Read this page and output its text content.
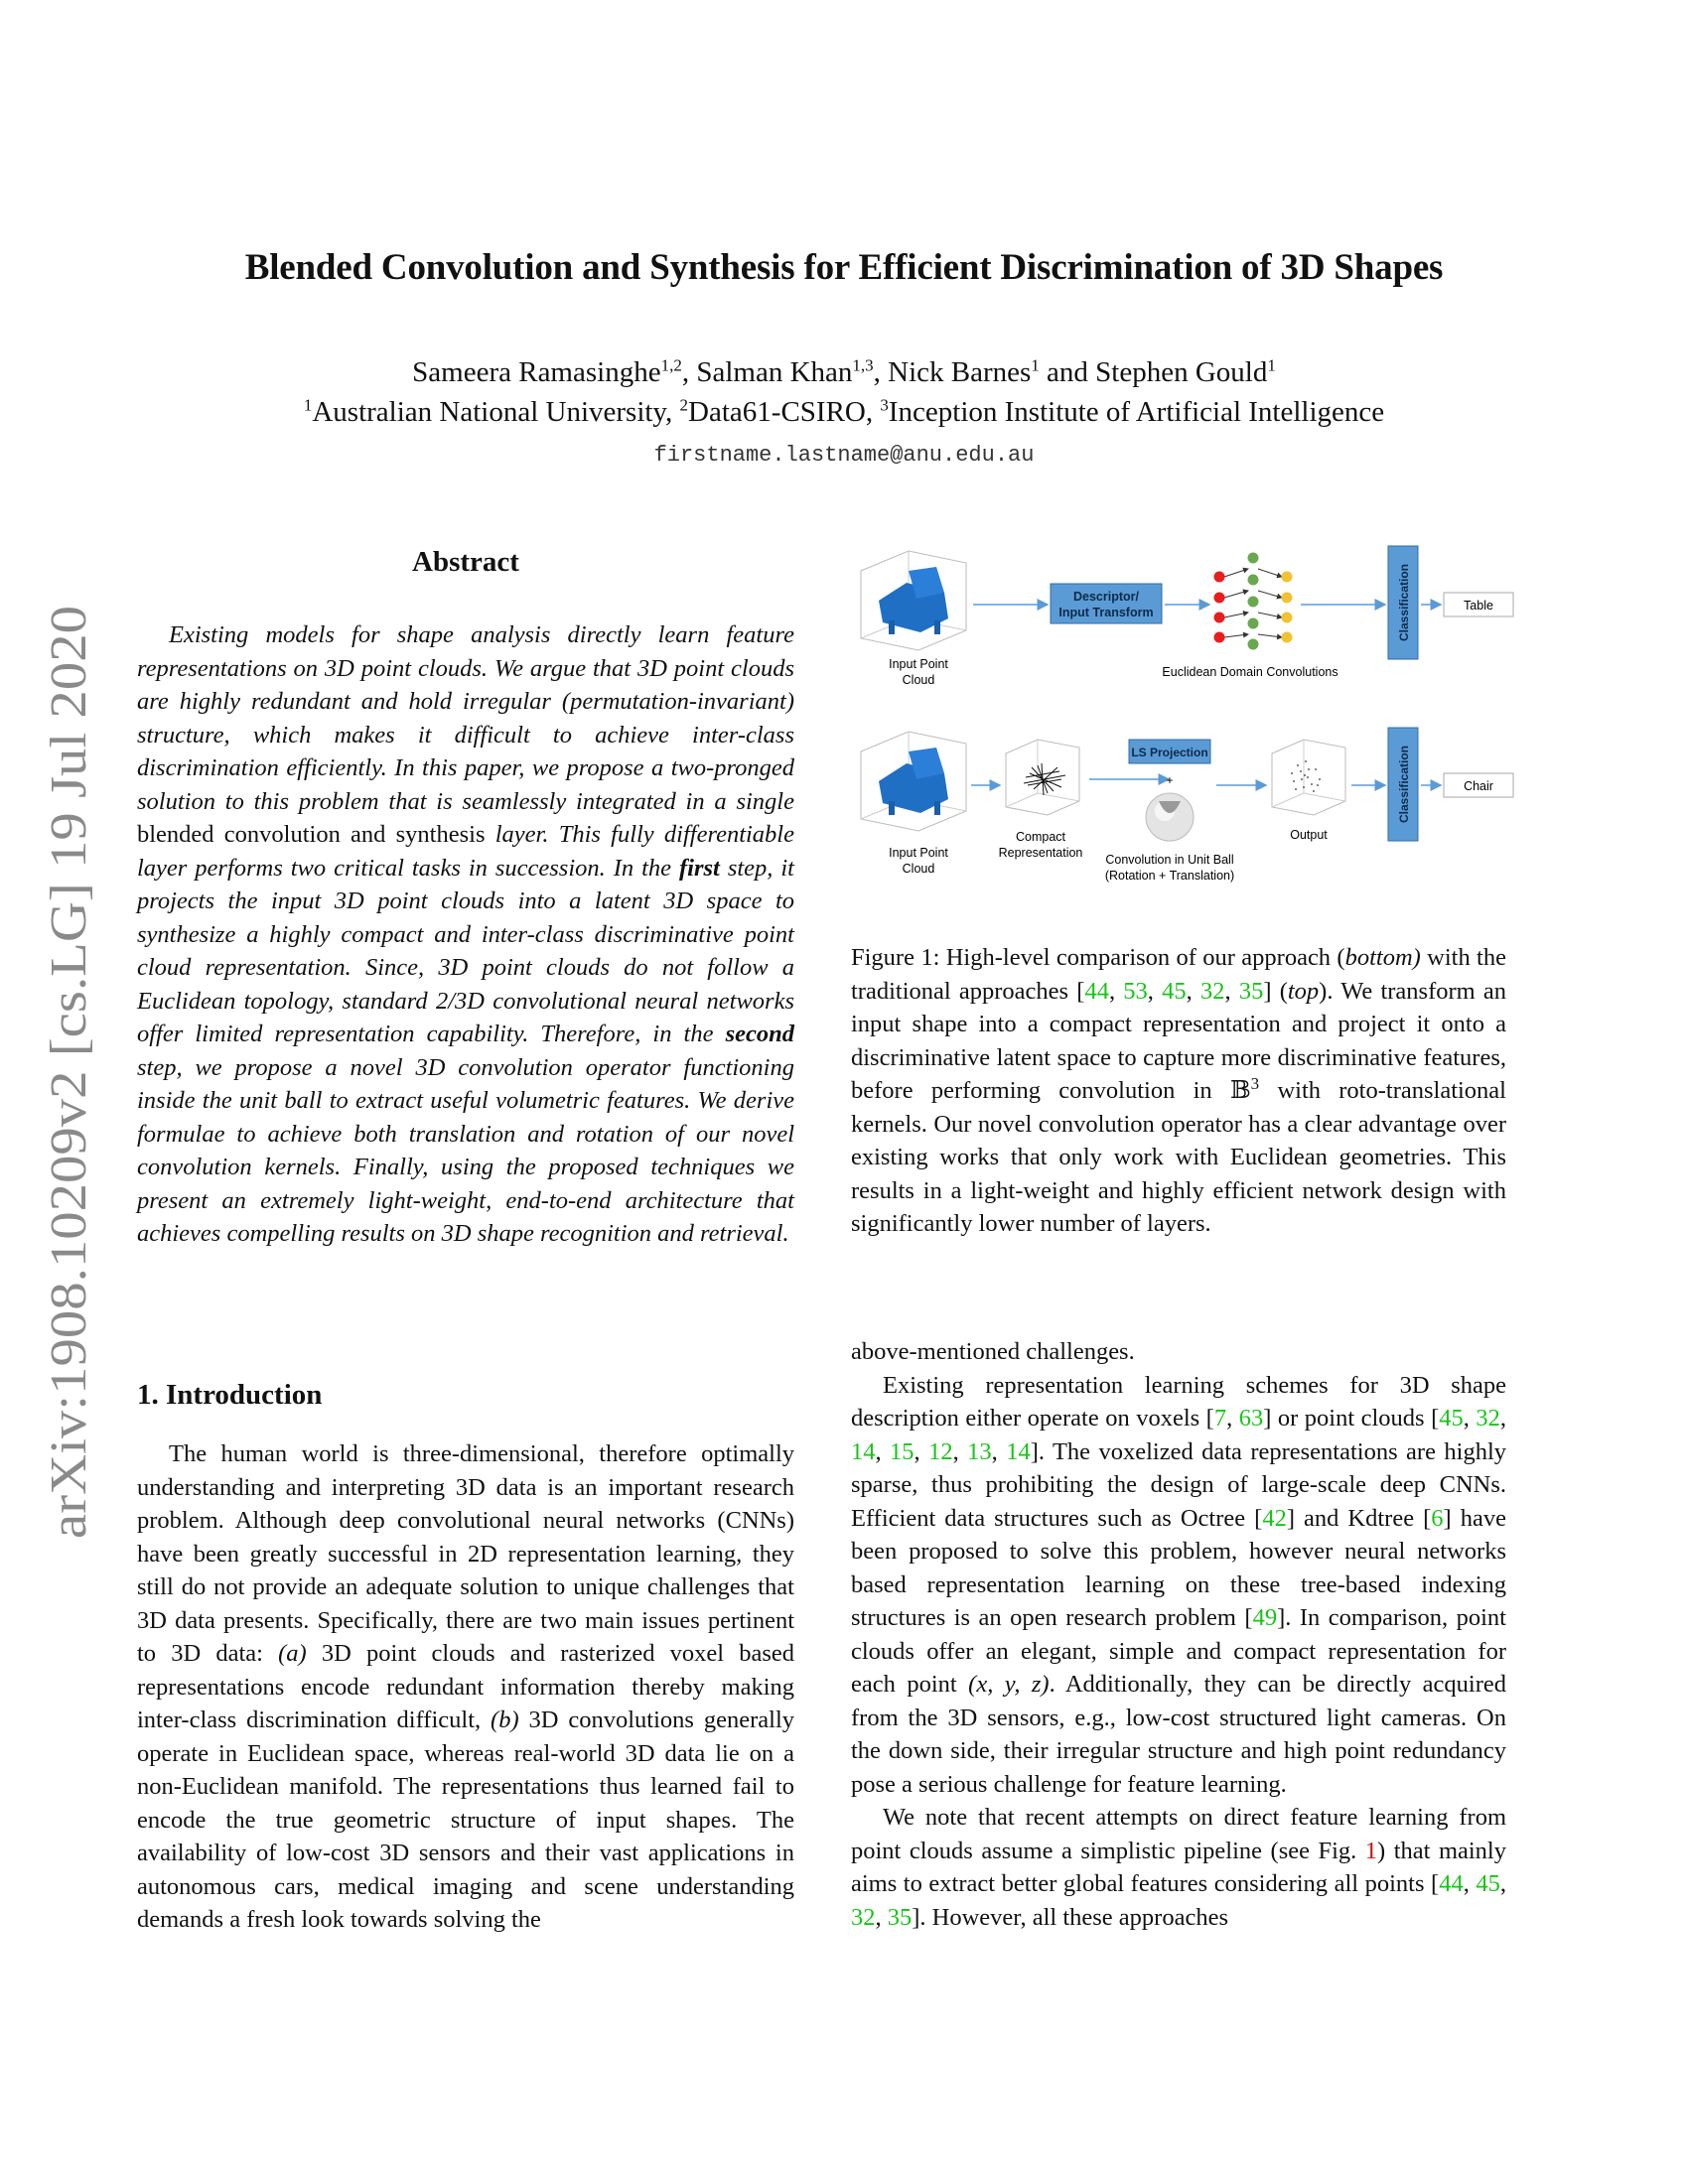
Blended Convolution and Synthesis for Efficient Discrimination of 3D Shapes
Sameera Ramasinghe$^{1,2}$, Salman Khan$^{1,3}$, Nick Barnes$^1$ and Stephen Gould$^1$
$^1$Australian National University, $^2$Data61-CSIRO, $^3$Inception Institute of Artificial Intelligence
firstname.lastname@anu.edu.au
arXiv:1908.10209v2 [cs.LG] 19 Jul 2020
Abstract

Existing models for shape analysis directly learn feature representations on 3D point clouds. We argue that 3D point clouds are highly redundant and hold irregular (permutation-invariant) structure, which makes it difficult to achieve inter-class discrimination efficiently. In this paper, we propose a two-pronged solution to this problem that is seamlessly integrated in a single blended convolution and synthesis layer. This fully differentiable layer performs two critical tasks in succession. In the first step, it projects the input 3D point clouds into a latent 3D space to synthesize a highly compact and inter-class discriminative point cloud representation. Since, 3D point clouds do not follow a Euclidean topology, standard 2/3D convolutional neural networks offer limited representation capability. Therefore, in the second step, we propose a novel 3D convolution operator functioning inside the unit ball to extract useful volumetric features. We derive formulae to achieve both translation and rotation of our novel convolution kernels. Finally, using the proposed techniques we present an extremely light-weight, end-to-end architecture that achieves compelling results on 3D shape recognition and retrieval.

1. Introduction

The human world is three-dimensional, therefore optimally understanding and interpreting 3D data is an important research problem. Although deep convolutional neural networks (CNNs) have been greatly successful in 2D representation learning, they still do not provide an adequate solution to unique challenges that 3D data presents. Specifically, there are two main issues pertinent to 3D data: (a) 3D point clouds and rasterized voxel based representations encode redundant information thereby making inter-class discrimination difficult, (b) 3D convolutions generally operate in Euclidean space, whereas real-world 3D data lie on a non-Euclidean manifold. The representations thus learned fail to encode the true geometric structure of input shapes. The availability of low-cost 3D sensors and their vast applications in autonomous cars, medical imaging and scene understanding demands a fresh look towards solving the

Input Point
Cloud
Descriptor/
Input Transform
Euclidean Domain Convolutions
Classification	Table
Input Point
Cloud
Compact
Representation
LS Projection
+
Convolution in Unit Ball
(Rotation + Translation)
Output
Classification	Chair

Figure 1: High-level comparison of our approach (bottom) with the traditional approaches [44, 53, 45, 32, 35] (top). We transform an input shape into a compact representation and project it onto a discriminative latent space to capture more discriminative features, before performing convolution in 𝔹$^3$ with roto-translational kernels. Our novel convolution operator has a clear advantage over existing works that only work with Euclidean geometries. This results in a light-weight and highly efficient network design with significantly lower number of layers.

above-mentioned challenges.

Existing representation learning schemes for 3D shape description either operate on voxels [7, 63] or point clouds [45, 32, 14, 15, 12, 13, 14]. The voxelized data representations are highly sparse, thus prohibiting the design of large-scale deep CNNs. Efficient data structures such as Octree [42] and Kdtree [6] have been proposed to solve this problem, however neural networks based representation learning on these tree-based indexing structures is an open research problem [49]. In comparison, point clouds offer an elegant, simple and compact representation for each point (x, y, z). Additionally, they can be directly acquired from the 3D sensors, e.g., low-cost structured light cameras. On the down side, their irregular structure and high point redundancy pose a serious challenge for feature learning.

We note that recent attempts on direct feature learning from point clouds assume a simplistic pipeline (see Fig. 1) that mainly aims to extract better global features considering all points [44, 45, 32, 35]. However, all these approaches
